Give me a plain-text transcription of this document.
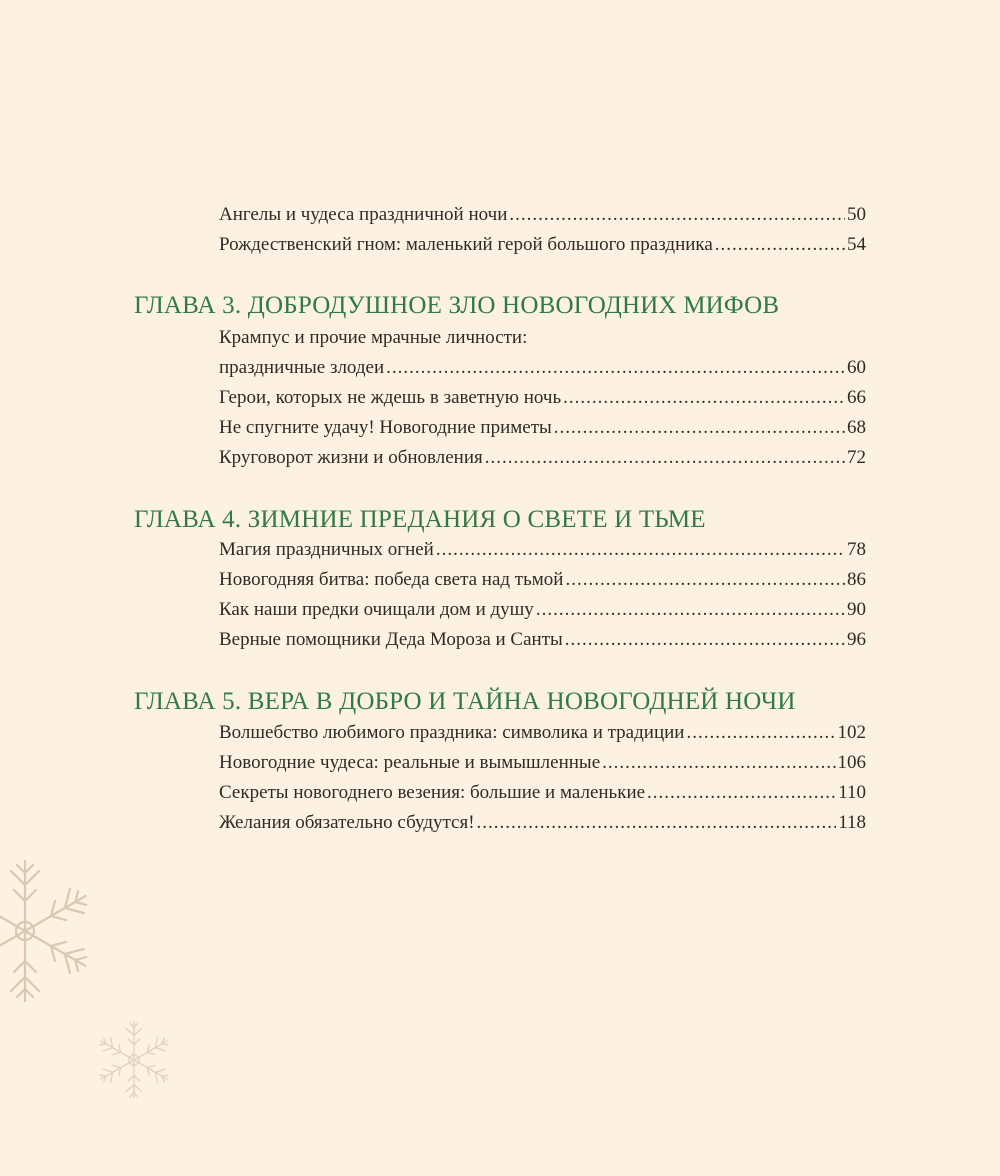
Ангелы и чудеса праздничной ночи .....	50
Рождественский гном: маленький герой большого праздника .....	54
ГЛАВА 3. ДОБРОДУШНОЕ ЗЛО НОВОГОДНИХ МИФОВ
Крампус и прочие мрачные личности:
праздничные злодеи .....	60
Герои, которых не ждешь в заветную ночь .....	66
Не спугните удачу! Новогодние приметы .....	68
Круговорот жизни и обновления .....	72
ГЛАВА 4. ЗИМНИЕ ПРЕДАНИЯ О СВЕТЕ И ТЬМЕ
Магия праздничных огней .....	78
Новогодняя битва: победа света над тьмой .....	86
Как наши предки очищали дом и душу .....	90
Верные помощники Деда Мороза и Санты .....	96
ГЛАВА 5. ВЕРА В ДОБРО И ТАЙНА НОВОГОДНЕЙ НОЧИ
Волшебство любимого праздника: символика и традиции .....	102
Новогодние чудеса: реальные и вымышленные .....	106
Секреты новогоднего везения: большие и маленькие .....	110
Желания обязательно сбудутся! .....	118
